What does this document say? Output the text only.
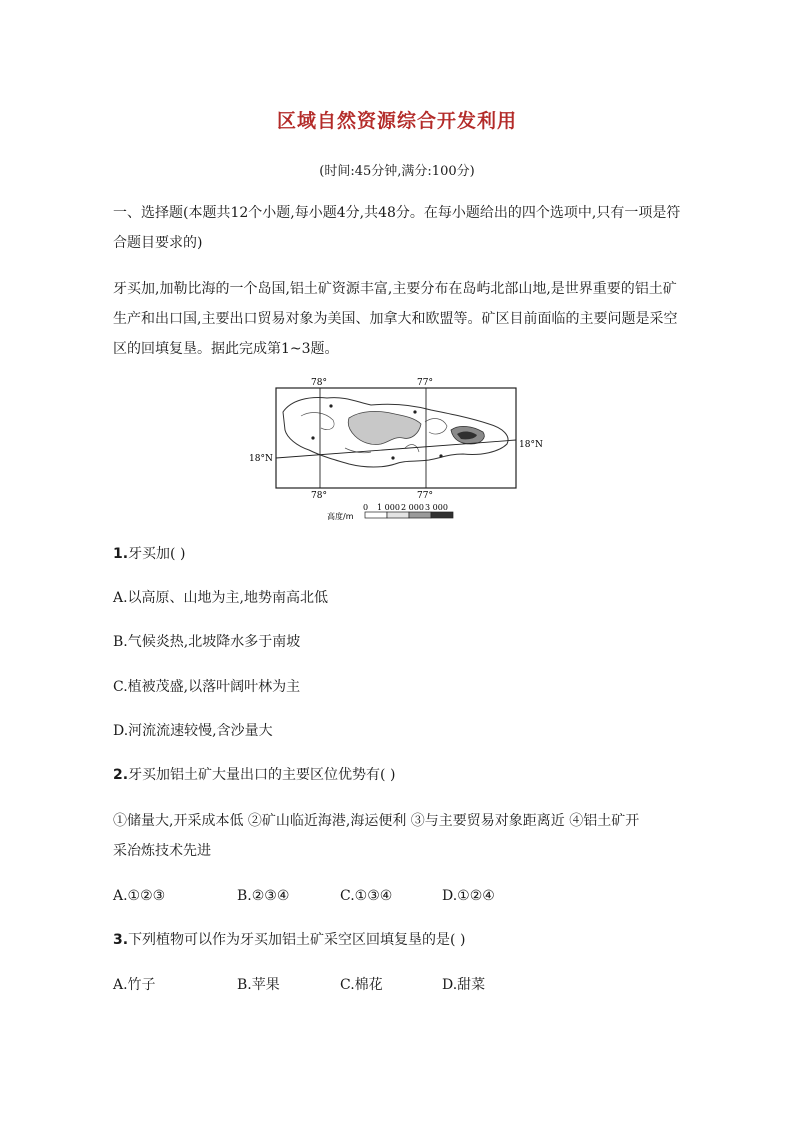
区域自然资源综合开发利用
(时间:45分钟,满分:100分)
一、选择题(本题共12个小题,每小题4分,共48分。在每小题给出的四个选项中,只有一项是符合题目要求的)
牙买加,加勒比海的一个岛国,铝土矿资源丰富,主要分布在岛屿北部山地,是世界重要的铝土矿生产和出口国,主要出口贸易对象为美国、加拿大和欧盟等。矿区目前面临的主要问题是采空区的回填复垦。据此完成第1~3题。
78°	77°
78°	77°
18°N
18°N
高度/m
0 1 000 2 000 3 000
1.牙买加( )
A.以高原、山地为主,地势南高北低
B.气候炎热,北坡降水多于南坡
C.植被茂盛,以落叶阔叶林为主
D.河流流速较慢,含沙量大
2.牙买加铝土矿大量出口的主要区位优势有( )
①储量大,开采成本低 ②矿山临近海港,海运便利 ③与主要贸易对象距离近 ④铝土矿开
采冶炼技术先进
A.①②③	B.②③④	C.①③④	D.①②④
3.下列植物可以作为牙买加铝土矿采空区回填复垦的是( )
A.竹子	B.苹果	C.棉花	D.甜菜
